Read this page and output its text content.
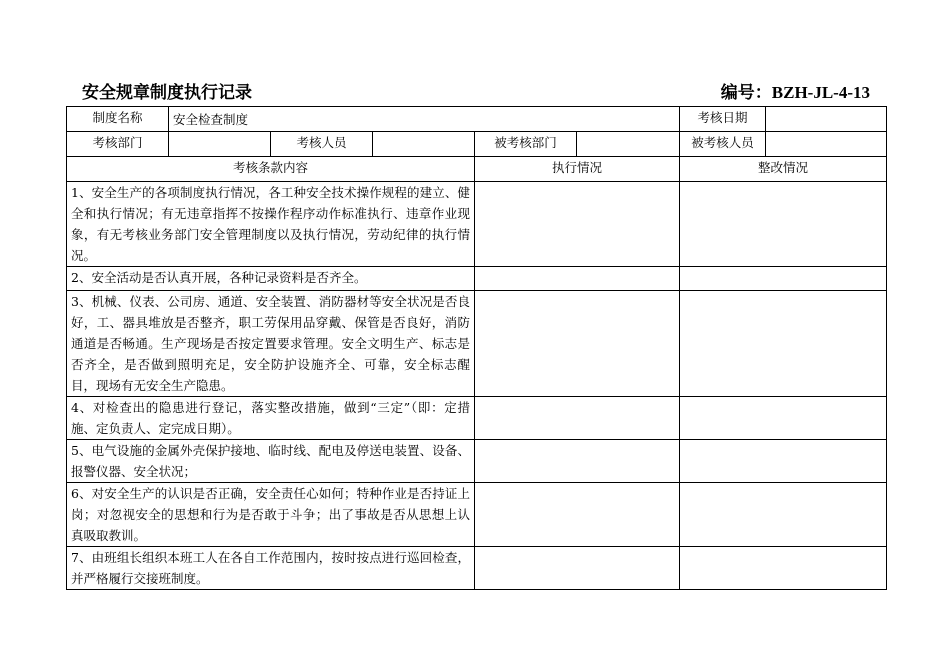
安全规章制度执行记录	编号：BZH-JL-4-13
制度名称	安全检查制度					考核日期	
考核部门		考核人员		被考核部门		被考核人员	
考核条款内容				执行情况		整改情况	
1、安全生产的各项制度执行情况，各工种安全技术操作规程的建立、健全和执行情况；有无违章指挥不按操作程序动作标准执行、违章作业现象，有无考核业务部门安全管理制度以及执行情况，劳动纪律的执行情况。							
2、安全活动是否认真开展，各种记录资料是否齐全。							
3、机械、仪表、公司房、通道、安全装置、消防器材等安全状况是否良好，工、器具堆放是否整齐，职工劳保用品穿戴、保管是否良好，消防通道是否畅通。生产现场是否按定置要求管理。安全文明生产、标志是否齐全，是否做到照明充足，安全防护设施齐全、可靠，安全标志醒目，现场有无安全生产隐患。							
4、对检查出的隐患进行登记，落实整改措施，做到“三定”（即：定措施、定负责人、定完成日期）。							
5、电气设施的金属外壳保护接地、临时线、配电及停送电装置、设备、报警仪器、安全状况；							
6、对安全生产的认识是否正确，安全责任心如何；特种作业是否持证上岗；对忽视安全的思想和行为是否敢于斗争；出了事故是否从思想上认真吸取教训。							
7、由班组长组织本班工人在各自工作范围内，按时按点进行巡回检查，并严格履行交接班制度。							
